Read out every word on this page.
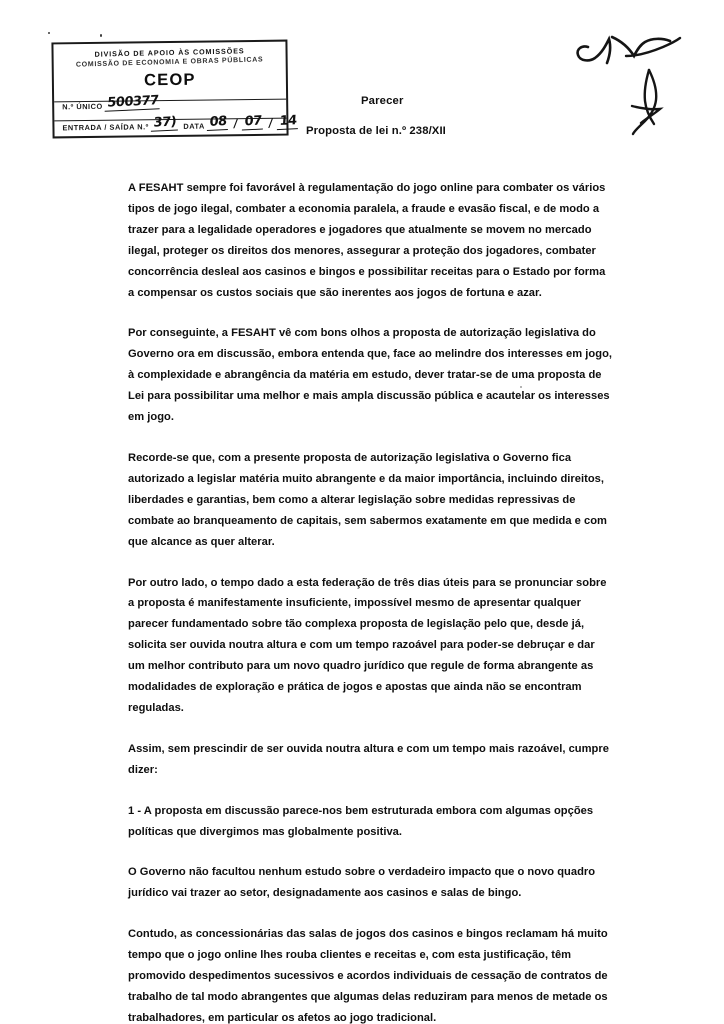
DIVISÃO DE APOIO ÀS COMISSÕES
COMISSÃO DE ECONOMIA E OBRAS PÚBLICAS
CEOP
N.º ÚNICO 500377
ENTRADA / SAÍDA N.º 37) DATA 08 / 07 / 14
Parecer
Proposta de lei n.º 238/XII

A FESAHT sempre foi favorável à regulamentação do jogo online para combater os vários tipos de jogo ilegal, combater a economia paralela, a fraude e evasão fiscal, e de modo a trazer para a legalidade operadores e jogadores que atualmente se movem no mercado ilegal, proteger os direitos dos menores, assegurar a proteção dos jogadores, combater concorrência desleal aos casinos e bingos e possibilitar receitas para o Estado por forma a compensar os custos sociais que são inerentes aos jogos de fortuna e azar.

Por conseguinte, a FESAHT vê com bons olhos a proposta de autorização legislativa do Governo ora em discussão, embora entenda que, face ao melindre dos interesses em jogo, à complexidade e abrangência da matéria em estudo, dever tratar-se de uma proposta de Lei para possibilitar uma melhor e mais ampla discussão pública e acautelar os interesses em jogo.

Recorde-se que, com a presente proposta de autorização legislativa o Governo fica autorizado a legislar matéria muito abrangente e da maior importância, incluindo direitos, liberdades e garantias, bem como a alterar legislação sobre medidas repressivas de combate ao branqueamento de capitais, sem sabermos exatamente em que medida e com que alcance as quer alterar.

Por outro lado, o tempo dado a esta federação de três dias úteis para se pronunciar sobre a proposta é manifestamente insuficiente, impossível mesmo de apresentar qualquer parecer fundamentado sobre tão complexa proposta de legislação pelo que, desde já, solicita ser ouvida noutra altura e com um tempo razoável para poder-se debruçar e dar um melhor contributo para um novo quadro jurídico que regule de forma abrangente as modalidades de exploração e prática de jogos e apostas que ainda não se encontram reguladas.

Assim, sem prescindir de ser ouvida noutra altura e com um tempo mais razoável, cumpre dizer:

1 - A proposta em discussão parece-nos bem estruturada embora com algumas opções políticas que divergimos mas globalmente positiva.

O Governo não facultou nenhum estudo sobre o verdadeiro impacto que o novo quadro jurídico vai trazer ao setor, designadamente aos casinos e salas de bingo.

Contudo, as concessionárias das salas de jogos dos casinos e bingos reclamam há muito tempo que o jogo online lhes rouba clientes e receitas e, com esta justificação, têm promovido despedimentos sucessivos e acordos individuais de cessação de contratos de trabalho de tal modo abrangentes que algumas delas reduziram para menos de metade os trabalhadores, em particular os afetos ao jogo tradicional.
